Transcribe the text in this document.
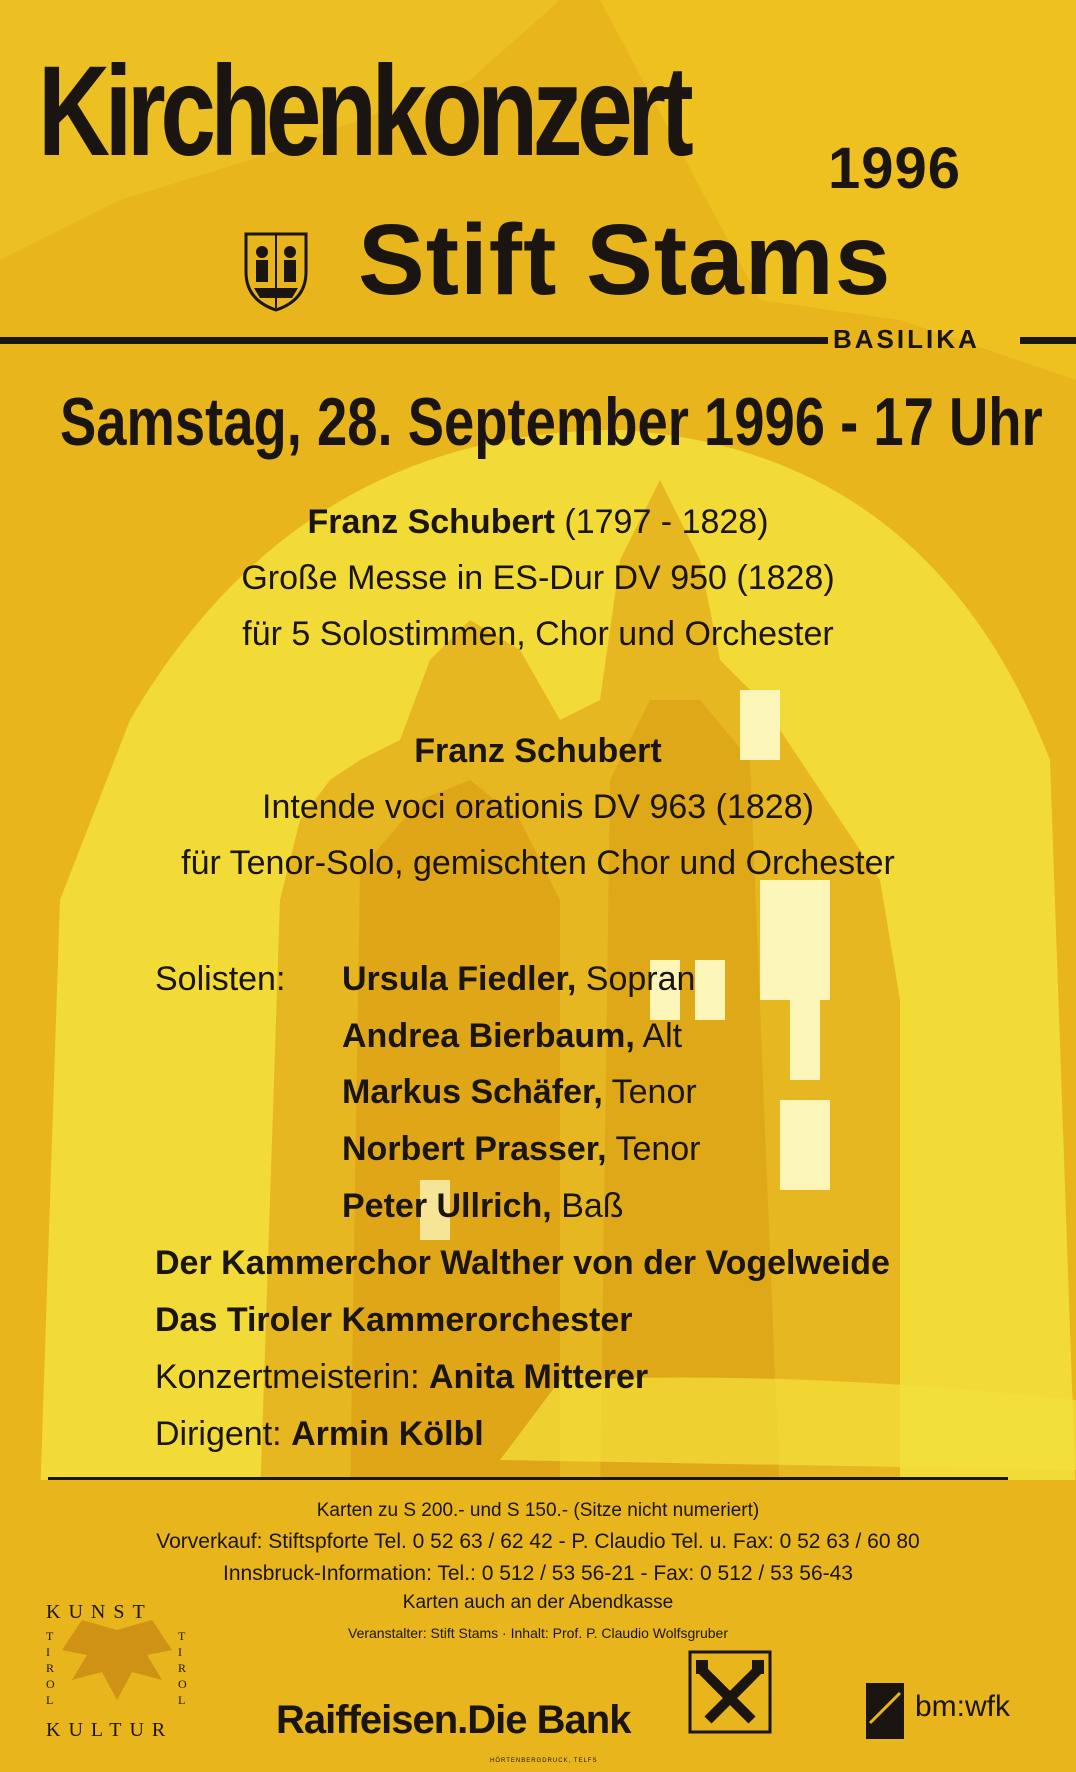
Kirchenkonzert 1996
Stift Stams
BASILIKA
Samstag, 28. September 1996 - 17 Uhr
Franz Schubert (1797 - 1828)
Große Messe in ES-Dur DV 950 (1828)
für 5 Solostimmen, Chor und Orchester
Franz Schubert
Intende voci orationis DV 963 (1828)
für Tenor-Solo, gemischten Chor und Orchester
Solisten: Ursula Fiedler, Sopran
Andrea Bierbaum, Alt
Markus Schäfer, Tenor
Norbert Prasser, Tenor
Peter Ullrich, Baß
Der Kammerchor Walther von der Vogelweide
Das Tiroler Kammerorchester
Konzertmeisterin: Anita Mitterer
Dirigent: Armin Kölbl
Karten zu S 200.- und S 150.- (Sitze nicht numeriert)
Vorverkauf: Stiftspforte Tel. 0 52 63 / 62 42 - P. Claudio Tel. u. Fax: 0 52 63 / 60 80
Innsbruck-Information: Tel.: 0 512 / 53 56-21 - Fax: 0 512 / 53 56-43
Karten auch an der Abendkasse
Veranstalter: Stift Stams · Inhalt: Prof. P. Claudio Wolfsgruber
KUNST
KULTUR
T
I
R
O
L
T
I
R
O
L Raiffeisen.Die Bank	bm:wfk
HÖRTENBERGDRUCK, TELFS
